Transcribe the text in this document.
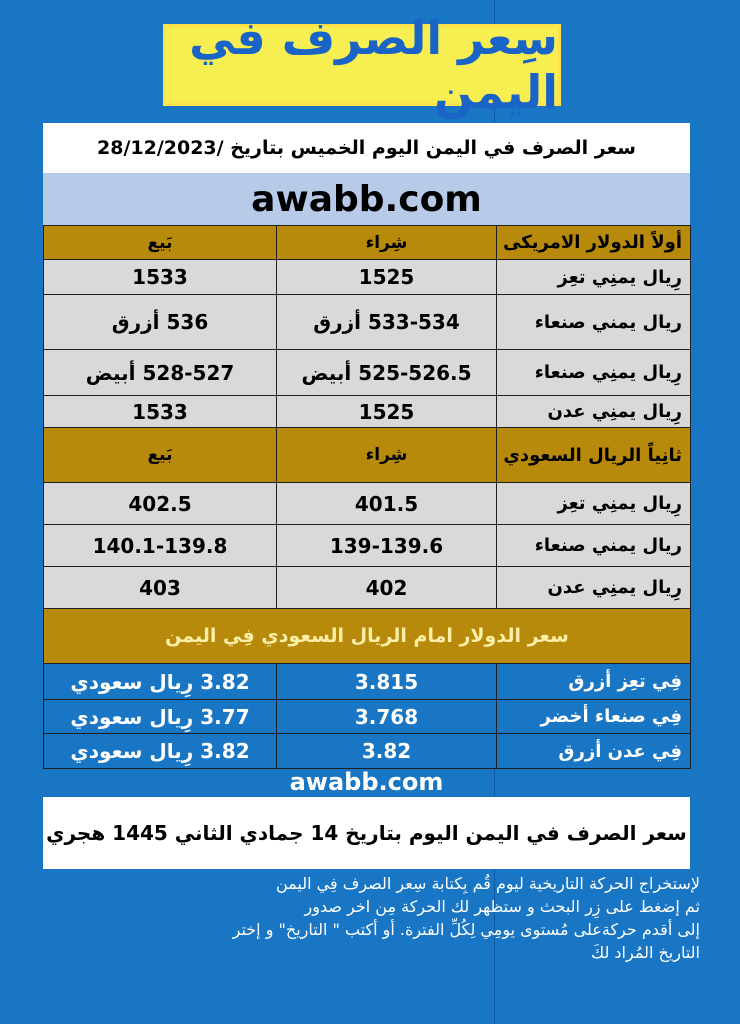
سِعر الصرف في اليمن
سعر الصرف في اليمن اليوم الخميس بتاريخ /28/12/2023
awabb.com
أولاً الدولار الامريكى	شِراء	بَيع
رِيال يمنِي تعِز	1525	1533
ريال يمني صنعاء	533-534 أزرق	536 أزرق
رِيال يمنِي صنعاء	525-526.5 أبيض	528-527 أبيض
رِيال يمنِي عدن	1525	1533
ثانِياً الريال السعودي	شِراء	بَيع
رِيال يمنِي تعِز	401.5	402.5
ريال يمني صنعاء	139-139.6	140.1-139.8
رِيال يمنِي عدن	402	403
سعر الدولار امام الريال السعودي فِي اليمن		
فِي تعِز أزرق	3.815	3.82 رِيال سعودي
فِي صنعاء أخضر	3.768	3.77 رِيال سعودي
فِي عدن أزرق	3.82	3.82 رِيال سعودي
awabb.com
سعر الصرف في اليمن اليوم بتاريخ 14 جمادي الثاني 1445 هجري
لإستخراج الحركة التاريخية ليوم قُم بِكتابة سِعر الصرف فِي اليمن
ثم إضغط على زِر البحث و ستظهر لك الحركة مِن اخر صدور
إلى أقدم حركةعلى مُستوى يومِي لِكُلِّ الفترة. أو أكتب " التاريخ" و إختر
التاريخ المُراد لكَ
